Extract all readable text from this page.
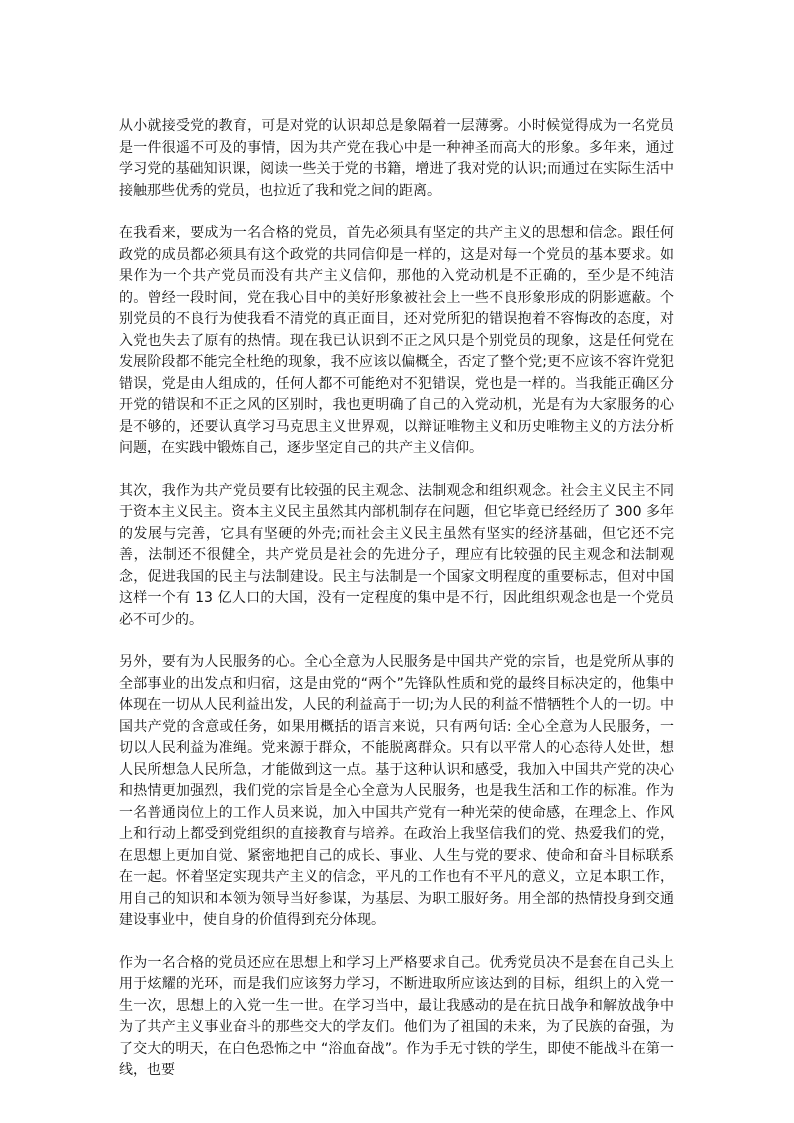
从小就接受党的教育，可是对党的认识却总是象隔着一层薄雾。小时候觉得成为一名党员是一件很遥不可及的事情，因为共产党在我心中是一种神圣而高大的形象。多年来，通过学习党的基础知识课，阅读一些关于党的书籍，增进了我对党的认识;而通过在实际生活中接触那些优秀的党员，也拉近了我和党之间的距离。

在我看来，要成为一名合格的党员，首先必须具有坚定的共产主义的思想和信念。跟任何政党的成员都必须具有这个政党的共同信仰是一样的，这是对每一个党员的基本要求。如果作为一个共产党员而没有共产主义信仰，那他的入党动机是不正确的，至少是不纯洁的。曾经一段时间，党在我心目中的美好形象被社会上一些不良形象形成的阴影遮蔽。个别党员的不良行为使我看不清党的真正面目，还对党所犯的错误抱着不容悔改的态度，对入党也失去了原有的热情。现在我已认识到不正之风只是个别党员的现象，这是任何党在发展阶段都不能完全杜绝的现象，我不应该以偏概全，否定了整个党;更不应该不容许党犯错误，党是由人组成的，任何人都不可能绝对不犯错误，党也是一样的。当我能正确区分开党的错误和不正之风的区别时，我也更明确了自己的入党动机，光是有为大家服务的心是不够的，还要认真学习马克思主义世界观，以辩证唯物主义和历史唯物主义的方法分析问题，在实践中锻炼自己，逐步坚定自己的共产主义信仰。

其次，我作为共产党员要有比较强的民主观念、法制观念和组织观念。社会主义民主不同于资本主义民主。资本主义民主虽然其内部机制存在问题，但它毕竟已经经历了 300 多年的发展与完善，它具有坚硬的外壳;而社会主义民主虽然有坚实的经济基础，但它还不完善，法制还不很健全，共产党员是社会的先进分子，理应有比较强的民主观念和法制观念，促进我国的民主与法制建设。民主与法制是一个国家文明程度的重要标志，但对中国这样一个有 13 亿人口的大国，没有一定程度的集中是不行，因此组织观念也是一个党员必不可少的。

另外，要有为人民服务的心。全心全意为人民服务是中国共产党的宗旨，也是党所从事的全部事业的出发点和归宿，这是由党的“两个”先锋队性质和党的最终目标决定的，他集中体现在一切从人民利益出发，人民的利益高于一切;为人民的利益不惜牺牲个人的一切。中国共产党的含意或任务，如果用概括的语言来说，只有两句话: 全心全意为人民服务，一切以人民利益为准绳。党来源于群众，不能脱离群众。只有以平常人的心态待人处世，想人民所想急人民所急，才能做到这一点。基于这种认识和感受，我加入中国共产党的决心和热情更加强烈，我们党的宗旨是全心全意为人民服务，也是我生活和工作的标准。作为一名普通岗位上的工作人员来说，加入中国共产党有一种光荣的使命感，在理念上、作风上和行动上都受到党组织的直接教育与培养。在政治上我坚信我们的党、热爱我们的党，在思想上更加自觉、紧密地把自己的成长、事业、人生与党的要求、使命和奋斗目标联系在一起。怀着坚定实现共产主义的信念，平凡的工作也有不平凡的意义，立足本职工作，用自己的知识和本领为领导当好参谋，为基层、为职工服好务。用全部的热情投身到交通建设事业中，使自身的价值得到充分体现。

作为一名合格的党员还应在思想上和学习上严格要求自己。优秀党员决不是套在自己头上用于炫耀的光环，而是我们应该努力学习，不断进取所应该达到的目标，组织上的入党一生一次，思想上的入党一生一世。在学习当中，最让我感动的是在抗日战争和解放战争中为了共产主义事业奋斗的那些交大的学友们。他们为了祖国的未来，为了民族的奋强，为了交大的明天，在白色恐怖之中 “浴血奋战”。作为手无寸铁的学生，即使不能战斗在第一线，也要
